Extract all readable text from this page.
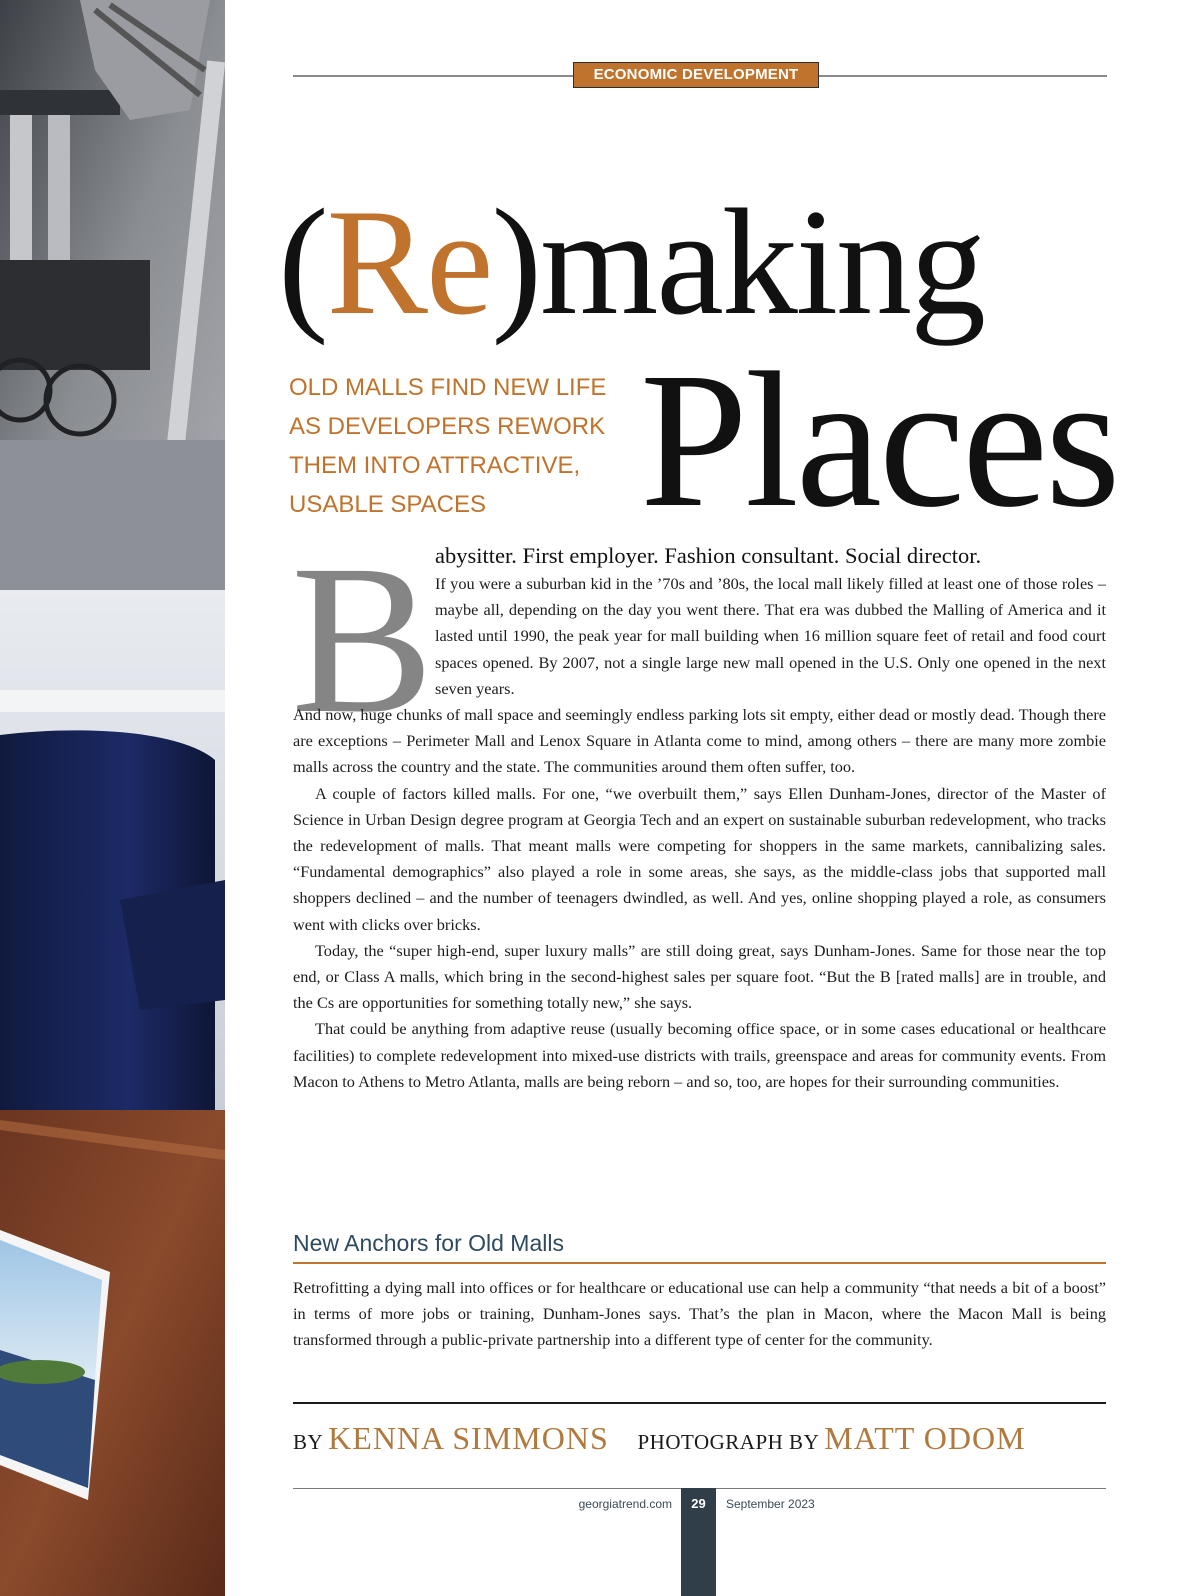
ECONOMIC DEVELOPMENT
(Re)making
Places

OLD MALLS FIND NEW LIFE
AS DEVELOPERS REWORK
THEM INTO ATTRACTIVE,
USABLE SPACES

B abysitter. First employer. Fashion consultant. Social director.

If you were a suburban kid in the ’70s and ’80s, the local mall likely filled at least one of those roles – maybe all, depending on the day you went there. That era was dubbed the Malling of America and it lasted until 1990, the peak year for mall building when 16 million square feet of retail and food court spaces opened. By 2007, not a single large new mall opened in the U.S. Only one opened in the next seven years.

And now, huge chunks of mall space and seemingly endless parking lots sit empty, either dead or mostly dead. Though there are exceptions – Perimeter Mall and Lenox Square in Atlanta come to mind, among others – there are many more zombie malls across the country and the state. The communities around them often suffer, too.

A couple of factors killed malls. For one, “we overbuilt them,” says Ellen Dunham-Jones, director of the Master of Science in Urban Design degree program at Georgia Tech and an expert on sustainable suburban redevelopment, who tracks the redevelopment of malls. That meant malls were competing for shoppers in the same markets, cannibalizing sales. “Fundamental demographics” also played a role in some areas, she says, as the middle-class jobs that supported mall shoppers declined – and the number of teenagers dwindled, as well. And yes, online shopping played a role, as consumers went with clicks over bricks.

Today, the “super high-end, super luxury malls” are still doing great, says Dunham-Jones. Same for those near the top end, or Class A malls, which bring in the second-highest sales per square foot. “But the B [rated malls] are in trouble, and the Cs are opportunities for something totally new,” she says.

That could be anything from adaptive reuse (usually becoming office space, or in some cases educational or healthcare facilities) to complete redevelopment into mixed-use districts with trails, greenspace and areas for community events. From Macon to Athens to Metro Atlanta, malls are being reborn – and so, too, are hopes for their surrounding communities.

New Anchors for Old Malls

Retrofitting a dying mall into offices or for healthcare or educational use can help a community “that needs a bit of a boost” in terms of more jobs or training, Dunham-Jones says. That’s the plan in Macon, where the Macon Mall is being transformed through a public-private partnership into a different type of center for the community.

BY KENNA SIMMONS  PHOTOGRAPH BY MATT ODOM
georgiatrend.com	29	September 2023
